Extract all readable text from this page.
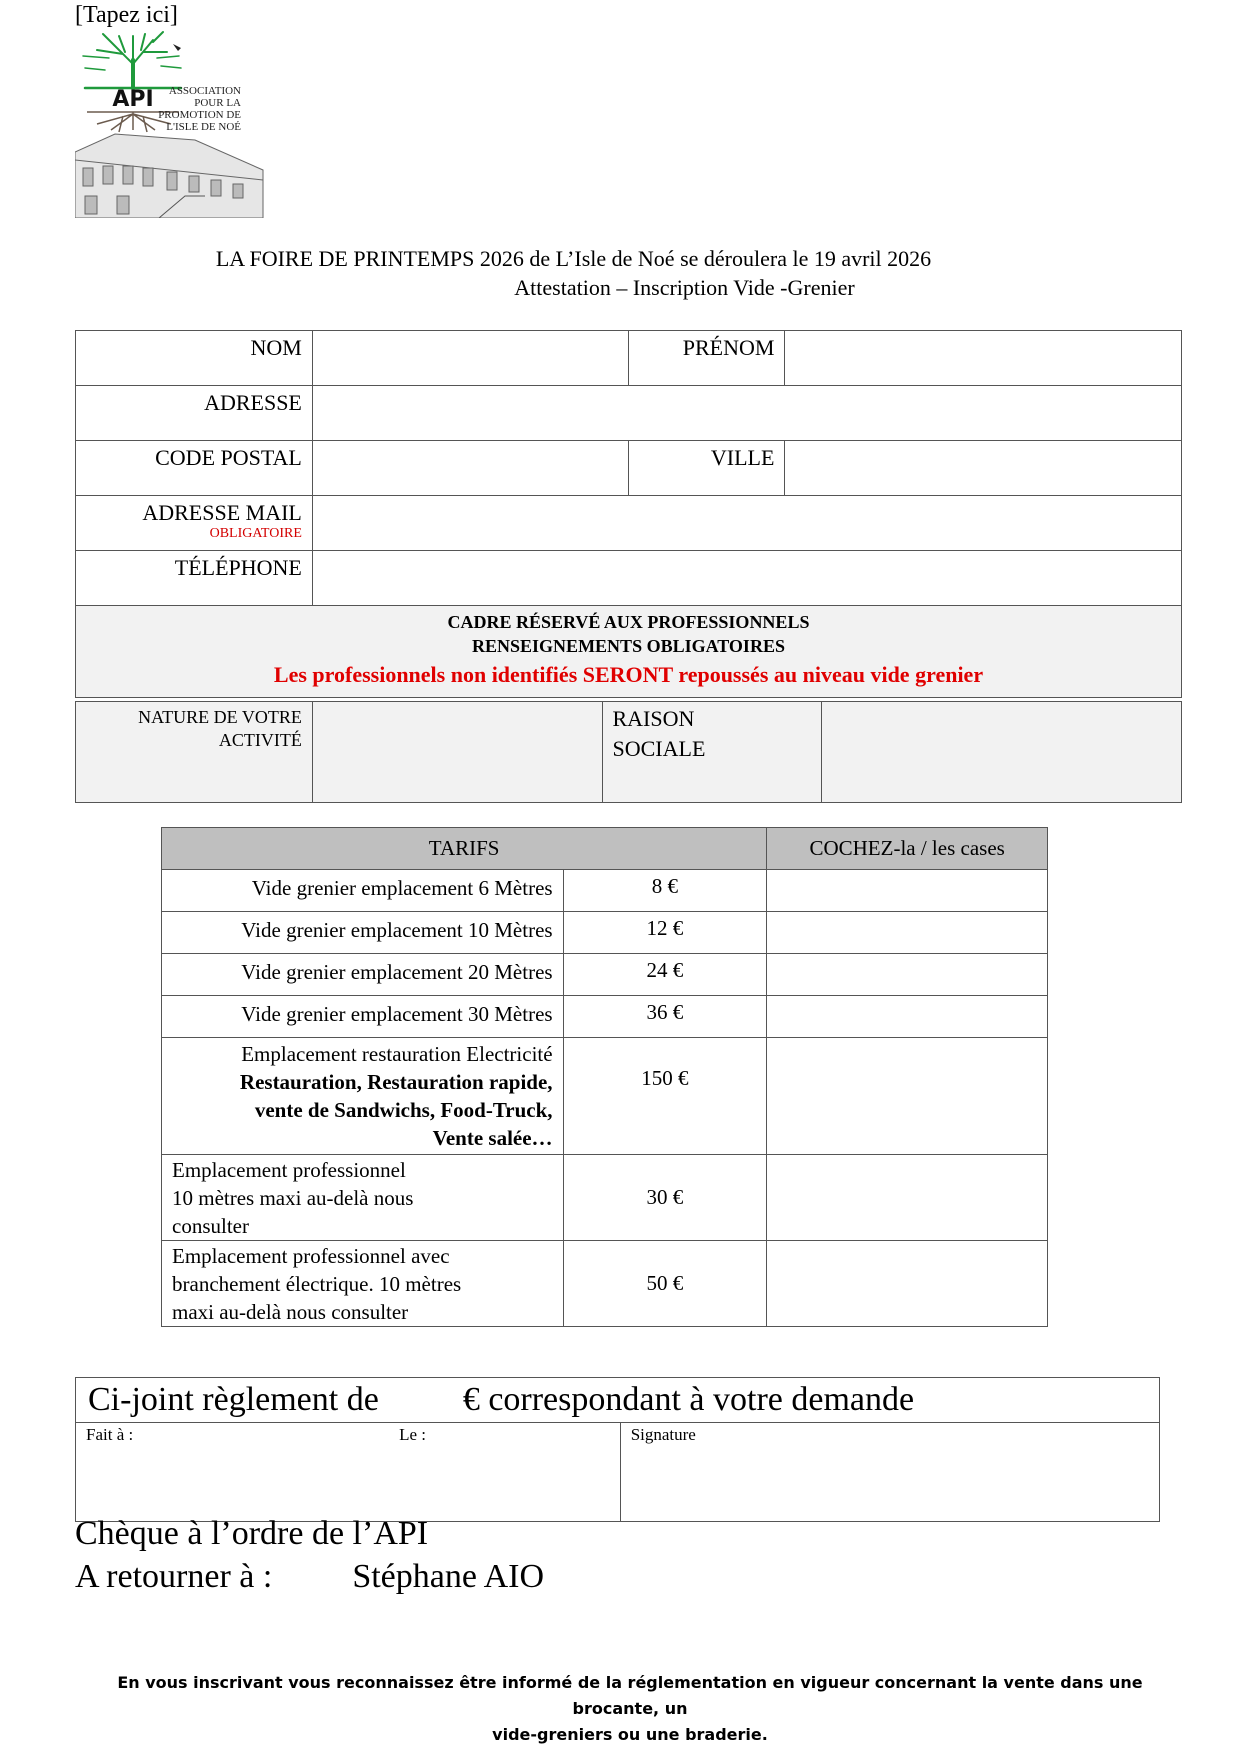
[Tapez ici]
API ASSOCIATION
POUR LA
PROMOTION DE
L'ISLE DE NOÉ
LA FOIRE DE PRINTEMPS 2026 de L’Isle de Noé se déroulera le 19 avril 2026
Attestation – Inscription Vide -Grenier
NOM		PRÉNOM	
ADRESSE			
CODE POSTAL		VILLE	
ADRESSE MAIL
OBLIGATOIRE			

TÉLÉPHONE			

CADRE RÉSERVÉ AUX PROFESSIONNELS
RENSEIGNEMENTS OBLIGATOIRES
Les professionnels non identifiés SERONT repoussés au niveau vide grenier			
NATURE DE VOTRE
ACTIVITÉ

RAISON
SOCIALE

TARIFS		COCHEZ-la / les cases
Vide grenier emplacement 6 Mètres	8 €	
Vide grenier emplacement 10 Mètres	12 €	
Vide grenier emplacement 20 Mètres	24 €	
Vide grenier emplacement 30 Mètres	36 €	

Emplacement restauration Electricité
Restauration, Restauration rapide,
vente de Sandwichs, Food-Truck,
Vente salée…	150 €	

Emplacement professionnel
10 mètres maxi au-delà nous
consulter	30 €	

Emplacement professionnel avec
branchement électrique. 10 mètres
maxi au-delà nous consulter	50 €	
Ci-joint règlement de € correspondant à votre demande

Fait à :	Le :	Signature
Chèque à l’ordre de l’API
A retourner à : Stéphane AIO
En vous inscrivant vous reconnaissez être informé de la réglementation en vigueur concernant la vente dans une brocante, un
vide-greniers ou une braderie.
